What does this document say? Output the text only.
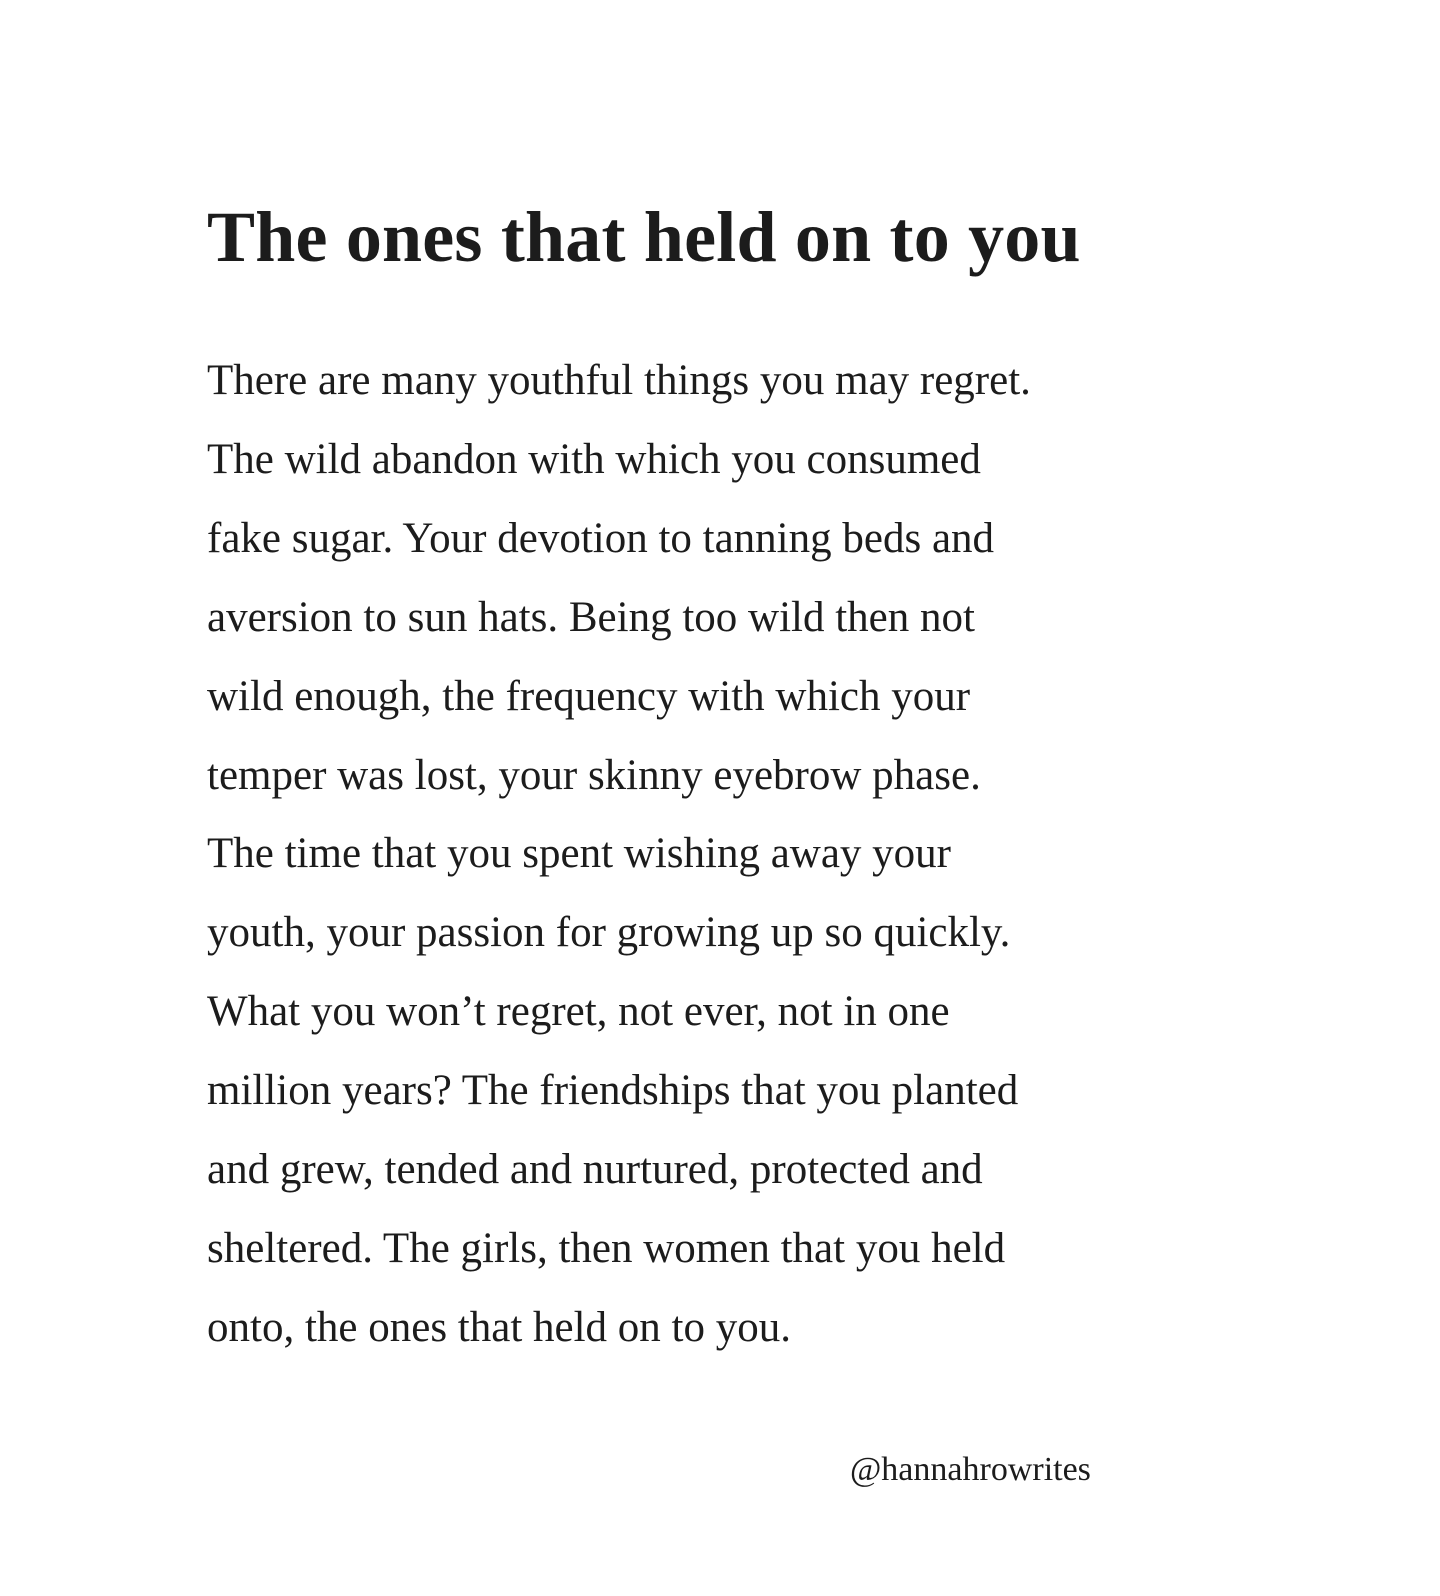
The ones that held on to you
There are many youthful things you may regret.
The wild abandon with which you consumed
fake sugar. Your devotion to tanning beds and
aversion to sun hats. Being too wild then not
wild enough, the frequency with which your
temper was lost, your skinny eyebrow phase.
The time that you spent wishing away your
youth, your passion for growing up so quickly.
What you won’t regret, not ever, not in one
million years? The friendships that you planted
and grew, tended and nurtured, protected and
sheltered. The girls, then women that you held
onto, the ones that held on to you.

@hannahrowrites
